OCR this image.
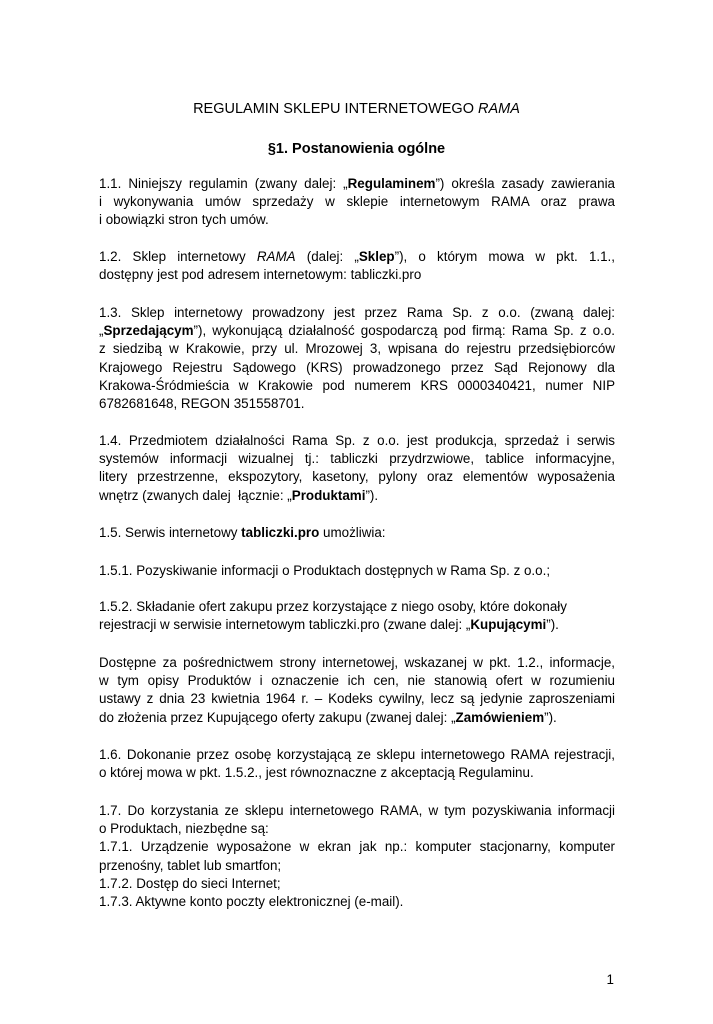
REGULAMIN SKLEPU INTERNETOWEGO RAMA
§1. Postanowienia ogólne
1.1. Niniejszy regulamin (zwany dalej: „Regulaminem”) określa zasady zawierania
i wykonywania umów sprzedaży w sklepie internetowym RAMA oraz prawa
i obowiązki stron tych umów.
1.2. Sklep internetowy RAMA (dalej: „Sklep”), o którym mowa w pkt. 1.1.,
dostępny jest pod adresem internetowym: tabliczki.pro
1.3. Sklep internetowy prowadzony jest przez Rama Sp. z o.o. (zwaną dalej:
„Sprzedającym”), wykonującą działalność gospodarczą pod firmą: Rama Sp. z o.o.
z siedzibą w Krakowie, przy ul. Mrozowej 3, wpisana do rejestru przedsiębiorców
Krajowego Rejestru Sądowego (KRS) prowadzonego przez Sąd Rejonowy dla
Krakowa-Śródmieścia w Krakowie pod numerem KRS 0000340421, numer NIP
6782681648, REGON 351558701.
1.4. Przedmiotem działalności Rama Sp. z o.o. jest produkcja, sprzedaż i serwis
systemów informacji wizualnej tj.: tabliczki przydrzwiowe, tablice informacyjne,
litery przestrzenne, ekspozytory, kasetony, pylony oraz elementów wyposażenia
wnętrz (zwanych dalej  łącznie: „Produktami”).
1.5. Serwis internetowy tabliczki.pro umożliwia:
1.5.1. Pozyskiwanie informacji o Produktach dostępnych w Rama Sp. z o.o.;
1.5.2. Składanie ofert zakupu przez korzystające z niego osoby, które dokonały
rejestracji w serwisie internetowym tabliczki.pro (zwane dalej: „Kupującymi”).
Dostępne za pośrednictwem strony internetowej, wskazanej w pkt. 1.2., informacje,
w tym opisy Produktów i oznaczenie ich cen, nie stanowią ofert w rozumieniu
ustawy z dnia 23 kwietnia 1964 r. – Kodeks cywilny, lecz są jedynie zaproszeniami
do złożenia przez Kupującego oferty zakupu (zwanej dalej: „Zamówieniem”).
1.6. Dokonanie przez osobę korzystającą ze sklepu internetowego RAMA rejestracji,
o której mowa w pkt. 1.5.2., jest równoznaczne z akceptacją Regulaminu.
1.7. Do korzystania ze sklepu internetowego RAMA, w tym pozyskiwania informacji
o Produktach, niezbędne są:
1.7.1. Urządzenie wyposażone w ekran jak np.: komputer stacjonarny, komputer
przenośny, tablet lub smartfon;
1.7.2. Dostęp do sieci Internet;
1.7.3. Aktywne konto poczty elektronicznej (e-mail).
1
